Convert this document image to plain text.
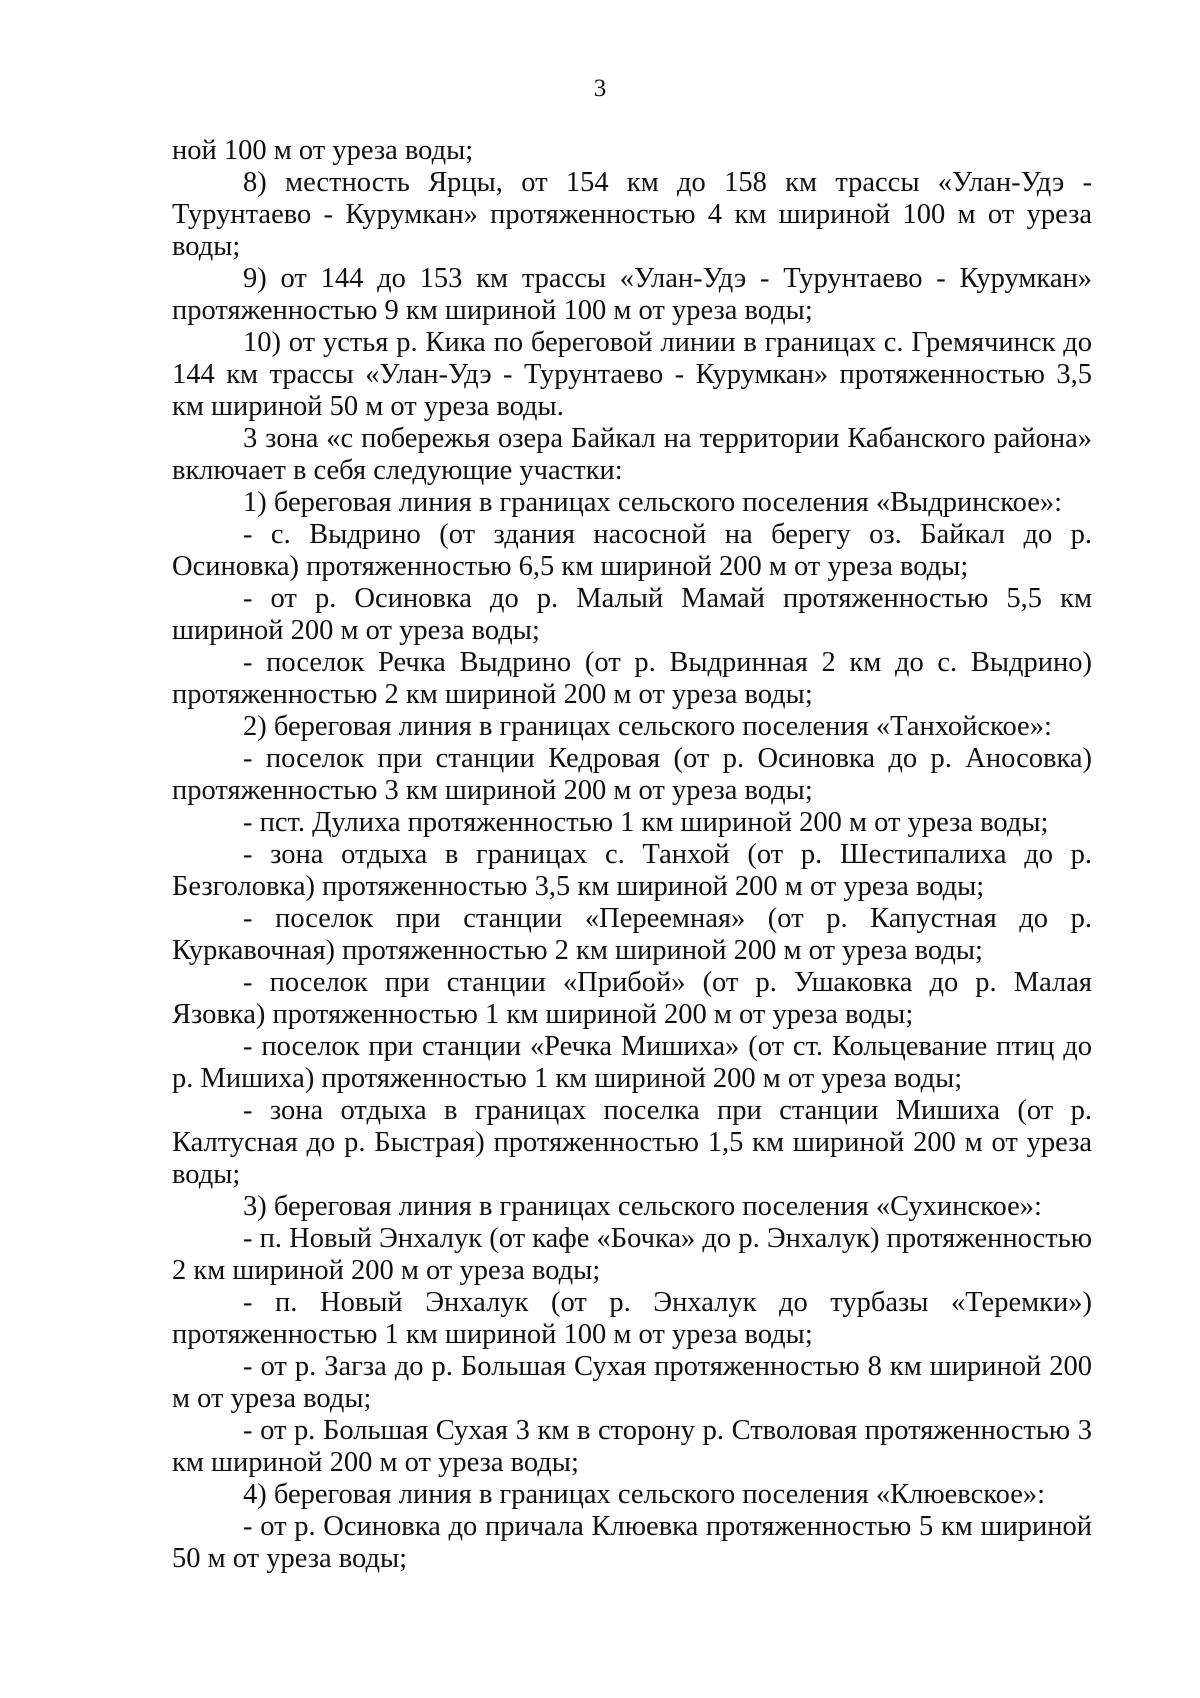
3

ной 100 м от уреза воды;

8) местность Ярцы, от 154 км до 158 км трассы «Улан-Удэ - Турунтаево - Курумкан» протяженностью 4 км шириной 100 м от уреза воды;

9) от 144 до 153 км трассы «Улан-Удэ - Турунтаево - Курумкан» протяженностью 9 км шириной 100 м от уреза воды;

10) от устья р. Кика по береговой линии в границах с. Гремячинск до 144 км трассы «Улан-Удэ - Турунтаево - Курумкан» протяженностью 3,5 км шириной 50 м от уреза воды.

3 зона «с побережья озера Байкал на территории Кабанского района» включает в себя следующие участки:

1) береговая линия в границах сельского поселения «Выдринское»:

- с. Выдрино (от здания насосной на берегу оз. Байкал до р. Осиновка) протяженностью 6,5 км шириной 200 м от уреза воды;

- от р. Осиновка до р. Малый Мамай протяженностью 5,5 км шириной 200 м от уреза воды;

- поселок Речка Выдрино (от р. Выдринная 2 км до с. Выдрино) протяженностью 2 км шириной 200 м от уреза воды;

2) береговая линия в границах сельского поселения «Танхойское»:

- поселок при станции Кедровая (от р. Осиновка до р. Аносовка) протяженностью 3 км шириной 200 м от уреза воды;

- пст. Дулиха протяженностью 1 км шириной 200 м от уреза воды;

- зона отдыха в границах с. Танхой (от р. Шестипалиха до р. Безголовка) протяженностью 3,5 км шириной 200 м от уреза воды;

- поселок при станции «Переемная» (от р. Капустная до р. Куркавочная) протяженностью 2 км шириной 200 м от уреза воды;

- поселок при станции «Прибой» (от р. Ушаковка до р. Малая Язовка) протяженностью 1 км шириной 200 м от уреза воды;

- поселок при станции «Речка Мишиха» (от ст. Кольцевание птиц до р. Мишиха) протяженностью 1 км шириной 200 м от уреза воды;

- зона отдыха в границах поселка при станции Мишиха (от р. Калтусная до р. Быстрая) протяженностью 1,5 км шириной 200 м от уреза воды;

3) береговая линия в границах сельского поселения «Сухинское»:

- п. Новый Энхалук (от кафе «Бочка» до р. Энхалук) протяженностью 2 км шириной 200 м от уреза воды;

- п. Новый Энхалук (от р. Энхалук до турбазы «Теремки») протяженностью 1 км шириной 100 м от уреза воды;

- от р. Загза до р. Большая Сухая протяженностью 8 км шириной 200 м от уреза воды;

- от р. Большая Сухая 3 км в сторону р. Стволовая протяженностью 3 км шириной 200 м от уреза воды;

4) береговая линия в границах сельского поселения «Клюевское»:

- от р. Осиновка до причала Клюевка протяженностью 5 км шириной 50 м от уреза воды;
